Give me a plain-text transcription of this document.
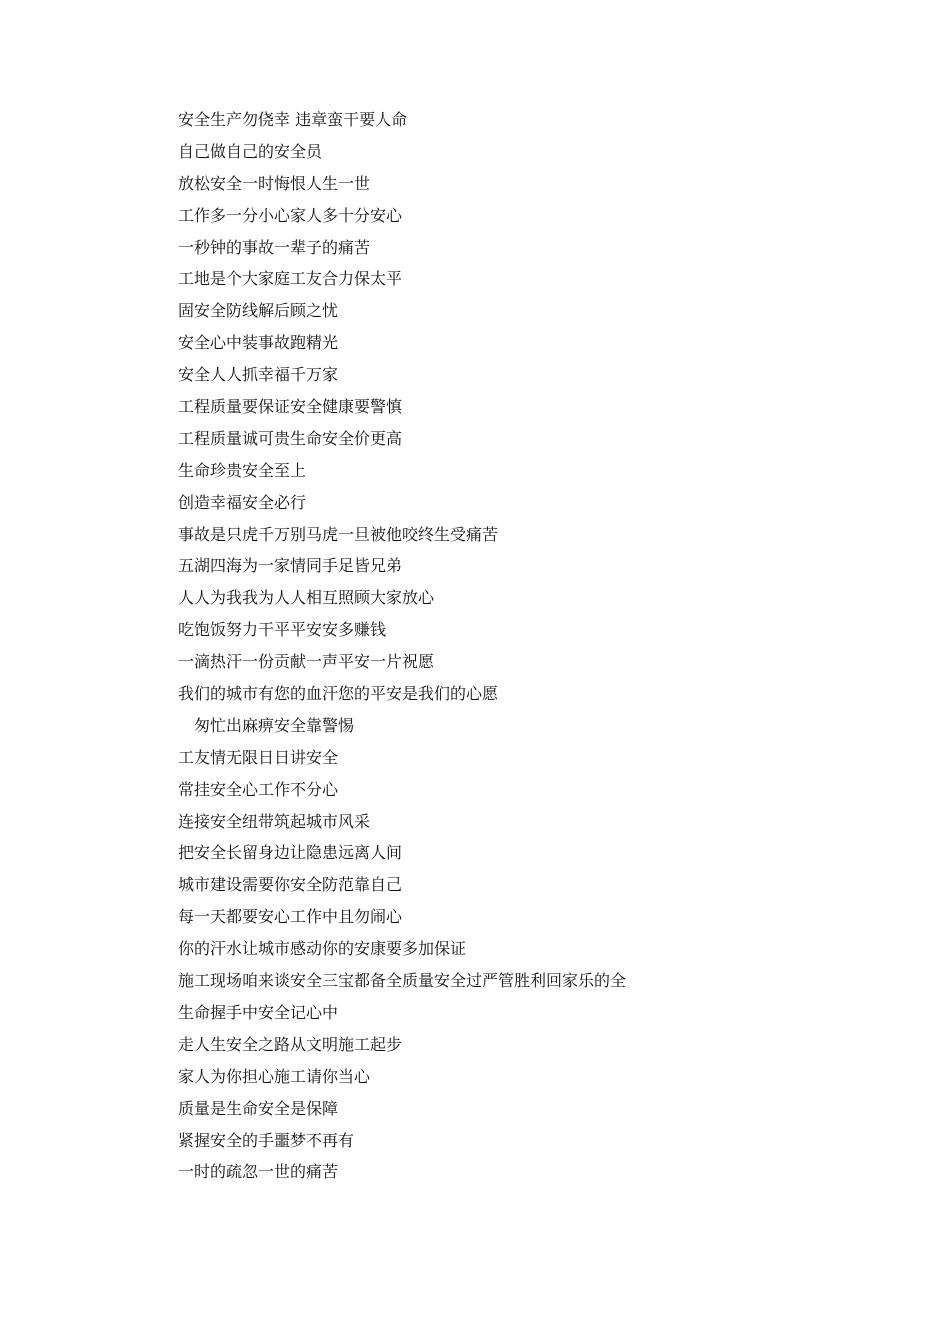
安全生产勿侥幸 违章蛮干要人命
自己做自己的安全员
放松安全一时悔恨人生一世
工作多一分小心家人多十分安心
一秒钟的事故一辈子的痛苦
工地是个大家庭工友合力保太平
固安全防线解后顾之忧
安全心中装事故跑精光
安全人人抓幸福千万家
工程质量要保证安全健康要警慎
工程质量诚可贵生命安全价更高
生命珍贵安全至上
创造幸福安全必行
事故是只虎千万别马虎一旦被他咬终生受痛苦
五湖四海为一家情同手足皆兄弟
人人为我我为人人相互照顾大家放心
吃饱饭努力干平平安安多赚钱
一滴热汗一份贡献一声平安一片祝愿
我们的城市有您的血汗您的平安是我们的心愿
　匆忙出麻痹安全靠警惕
工友情无限日日讲安全
常挂安全心工作不分心
连接安全纽带筑起城市风采
把安全长留身边让隐患远离人间
城市建设需要你安全防范靠自己
每一天都要安心工作中且勿闹心
你的汗水让城市感动你的安康要多加保证
施工现场咱来谈安全三宝都备全质量安全过严管胜利回家乐的全
生命握手中安全记心中
走人生安全之路从文明施工起步
家人为你担心施工请你当心
质量是生命安全是保障
紧握安全的手噩梦不再有
一时的疏忽一世的痛苦
